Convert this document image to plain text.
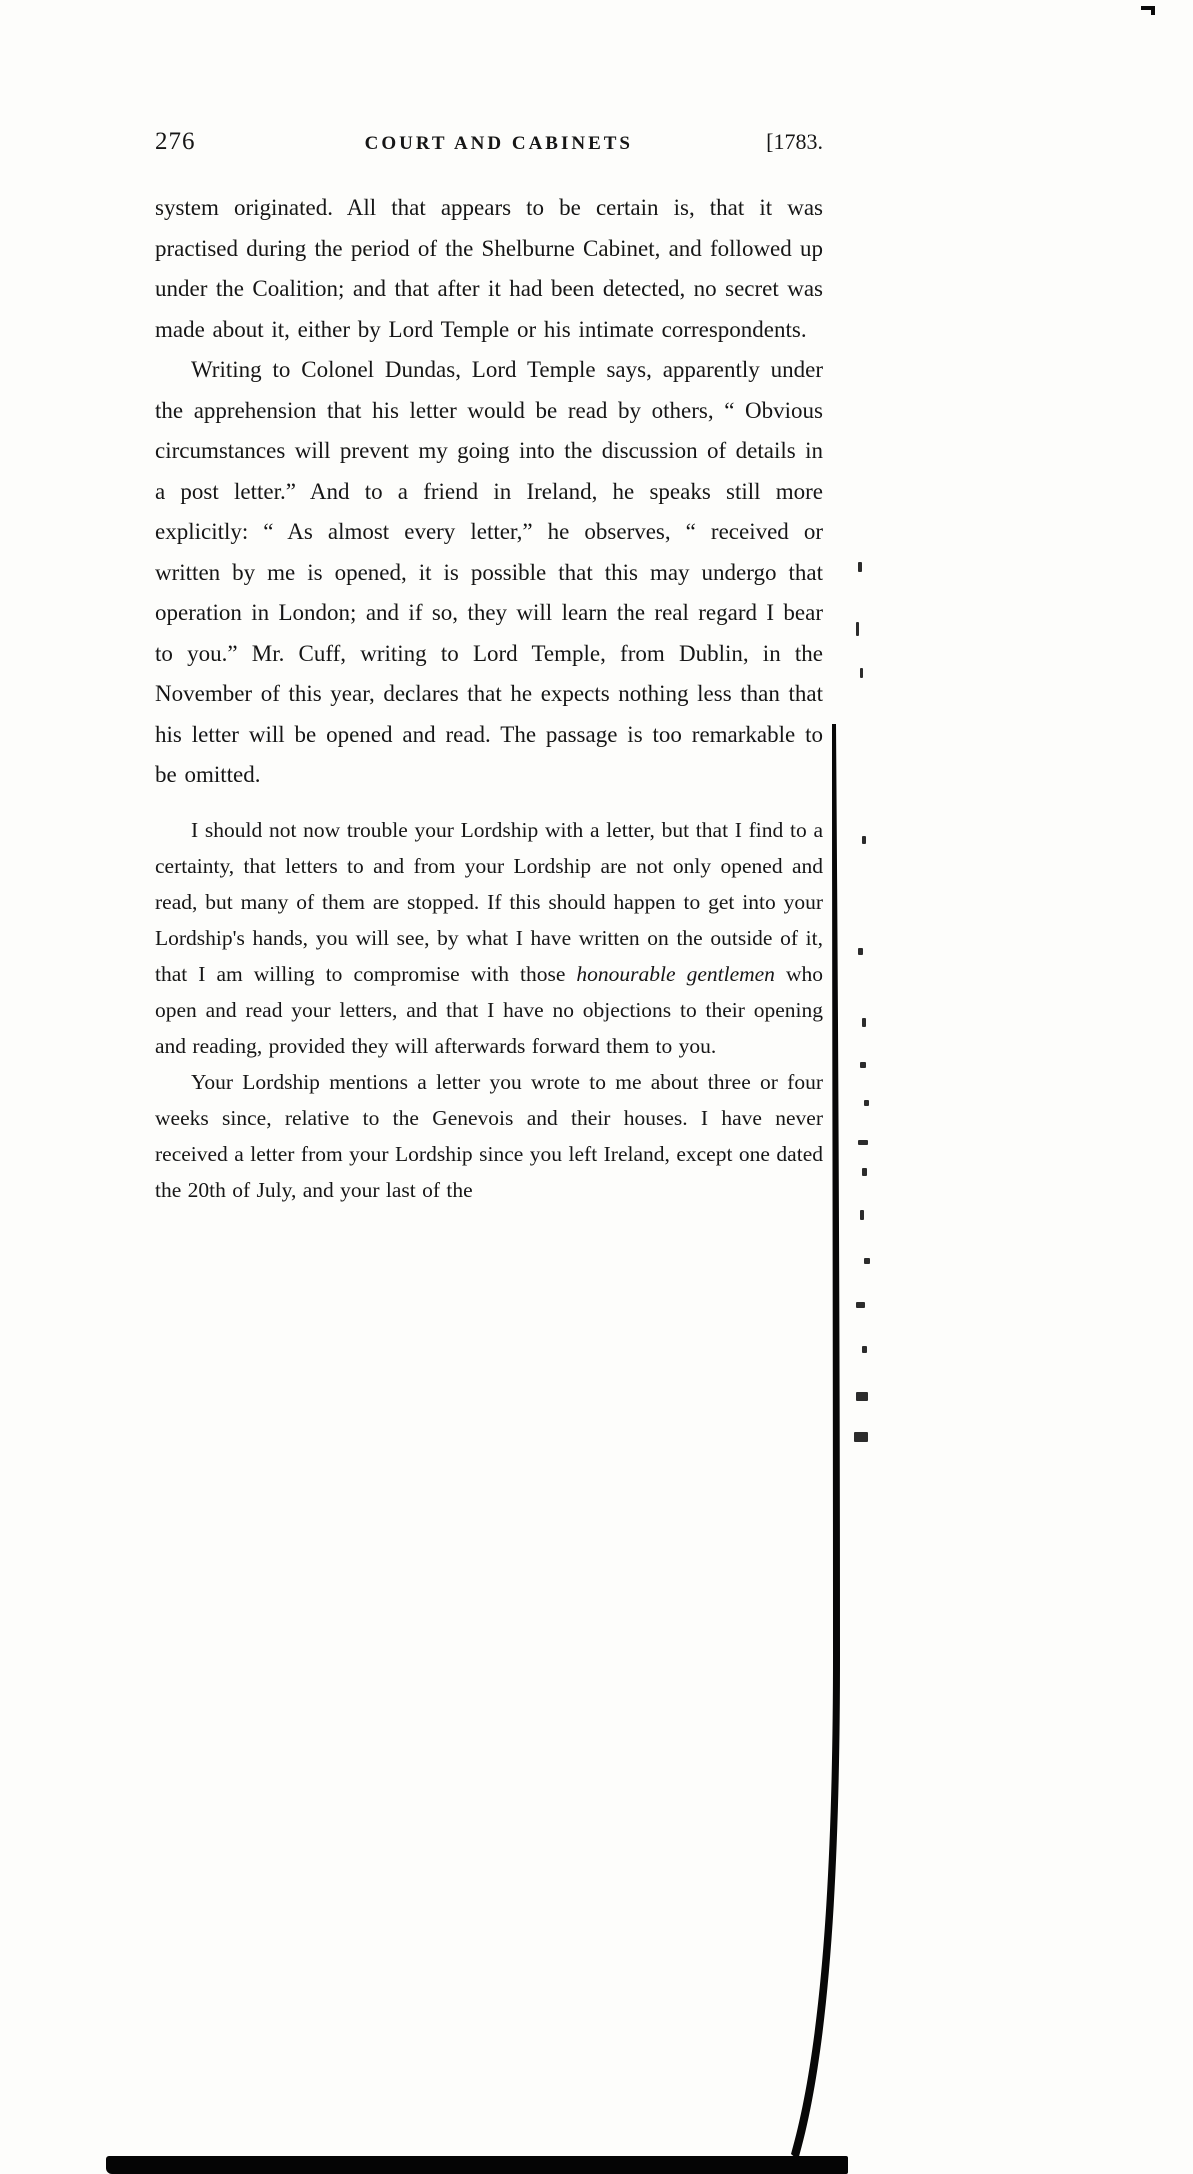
276	COURT AND CABINETS	[1783.

system originated. All that appears to be certain is, that it was practised during the period of the Shelburne Cabinet, and followed up under the Coalition; and that after it had been detected, no secret was made about it, either by Lord Temple or his intimate correspondents.

Writing to Colonel Dundas, Lord Temple says, apparently under the apprehension that his letter would be read by others, “ Obvious circumstances will prevent my going into the discussion of details in a post letter.” And to a friend in Ireland, he speaks still more explicitly: “ As almost every letter,” he observes, “ received or written by me is opened, it is possible that this may undergo that operation in London; and if so, they will learn the real regard I bear to you.” Mr. Cuff, writing to Lord Temple, from Dublin, in the November of this year, declares that he expects nothing less than that his letter will be opened and read. The passage is too remarkable to be omitted.

I should not now trouble your Lordship with a letter, but that I find to a certainty, that letters to and from your Lordship are not only opened and read, but many of them are stopped. If this should happen to get into your Lordship's hands, you will see, by what I have written on the outside of it, that I am willing to compromise with those honourable gentlemen who open and read your letters, and that I have no objections to their opening and reading, provided they will afterwards forward them to you.

Your Lordship mentions a letter you wrote to me about three or four weeks since, relative to the Genevois and their houses. I have never received a letter from your Lordship since you left Ireland, except one dated the 20th of July, and your last of the
